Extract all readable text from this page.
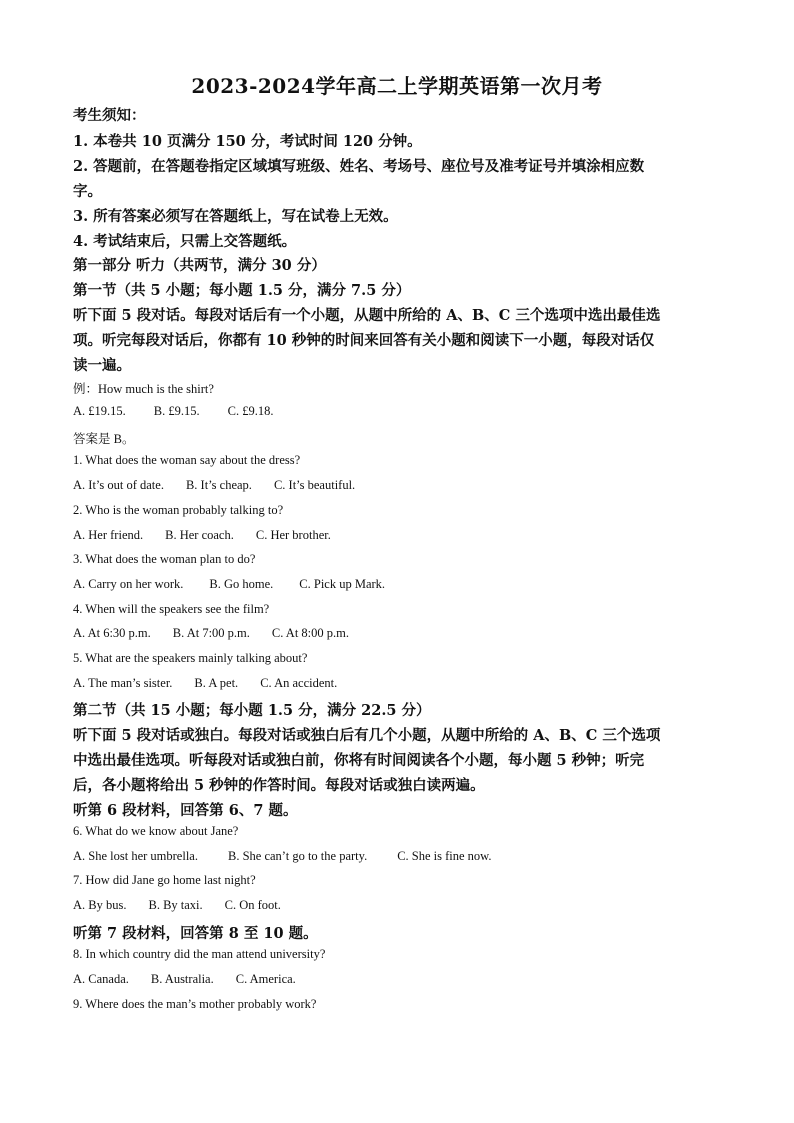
2023-2024学年高二上学期英语第一次月考
考生须知：
1. 本卷共 10 页满分 150 分，考试时间 120 分钟。
2. 答题前，在答题卷指定区域填写班级、姓名、考场号、座位号及准考证号并填涂相应数
字。
3. 所有答案必须写在答题纸上，写在试卷上无效。
4. 考试结束后，只需上交答题纸。
第一部分 听力（共两节，满分 30 分）
第一节（共 5 小题；每小题 1.5 分，满分 7.5 分）
听下面 5 段对话。每段对话后有一个小题，从题中所给的 A、B、C 三个选项中选出最佳选
项。听完每段对话后，你都有 10 秒钟的时间来回答有关小题和阅读下一小题，每段对话仅
读一遍。
例：How much is the shirt?
A. £19.15. B. £9.15. C. £9.18.
答案是 B。
1. What does the woman say about the dress?
A. It’s out of date. B. It’s cheap. C. It’s beautiful.
2. Who is the woman probably talking to?
A. Her friend. B. Her coach. C. Her brother.
3. What does the woman plan to do?
A. Carry on her work. B. Go home. C. Pick up Mark.
4. When will the speakers see the film?
A. At 6:30 p.m. B. At 7:00 p.m. C. At 8:00 p.m.
5. What are the speakers mainly talking about?
A. The man’s sister. B. A pet. C. An accident.
第二节（共 15 小题；每小题 1.5 分，满分 22.5 分）
听下面 5 段对话或独白。每段对话或独白后有几个小题，从题中所给的 A、B、C 三个选项
中选出最佳选项。听每段对话或独白前，你将有时间阅读各个小题，每小题 5 秒钟；听完
后，各小题将给出 5 秒钟的作答时间。每段对话或独白读两遍。
听第 6 段材料，回答第 6、7 题。
6. What do we know about Jane?
A. She lost her umbrella. B. She can’t go to the party. C. She is fine now.
7. How did Jane go home last night?
A. By bus. B. By taxi. C. On foot.
听第 7 段材料，回答第 8 至 10 题。
8. In which country did the man attend university?
A. Canada. B. Australia. C. America.
9. Where does the man’s mother probably work?
